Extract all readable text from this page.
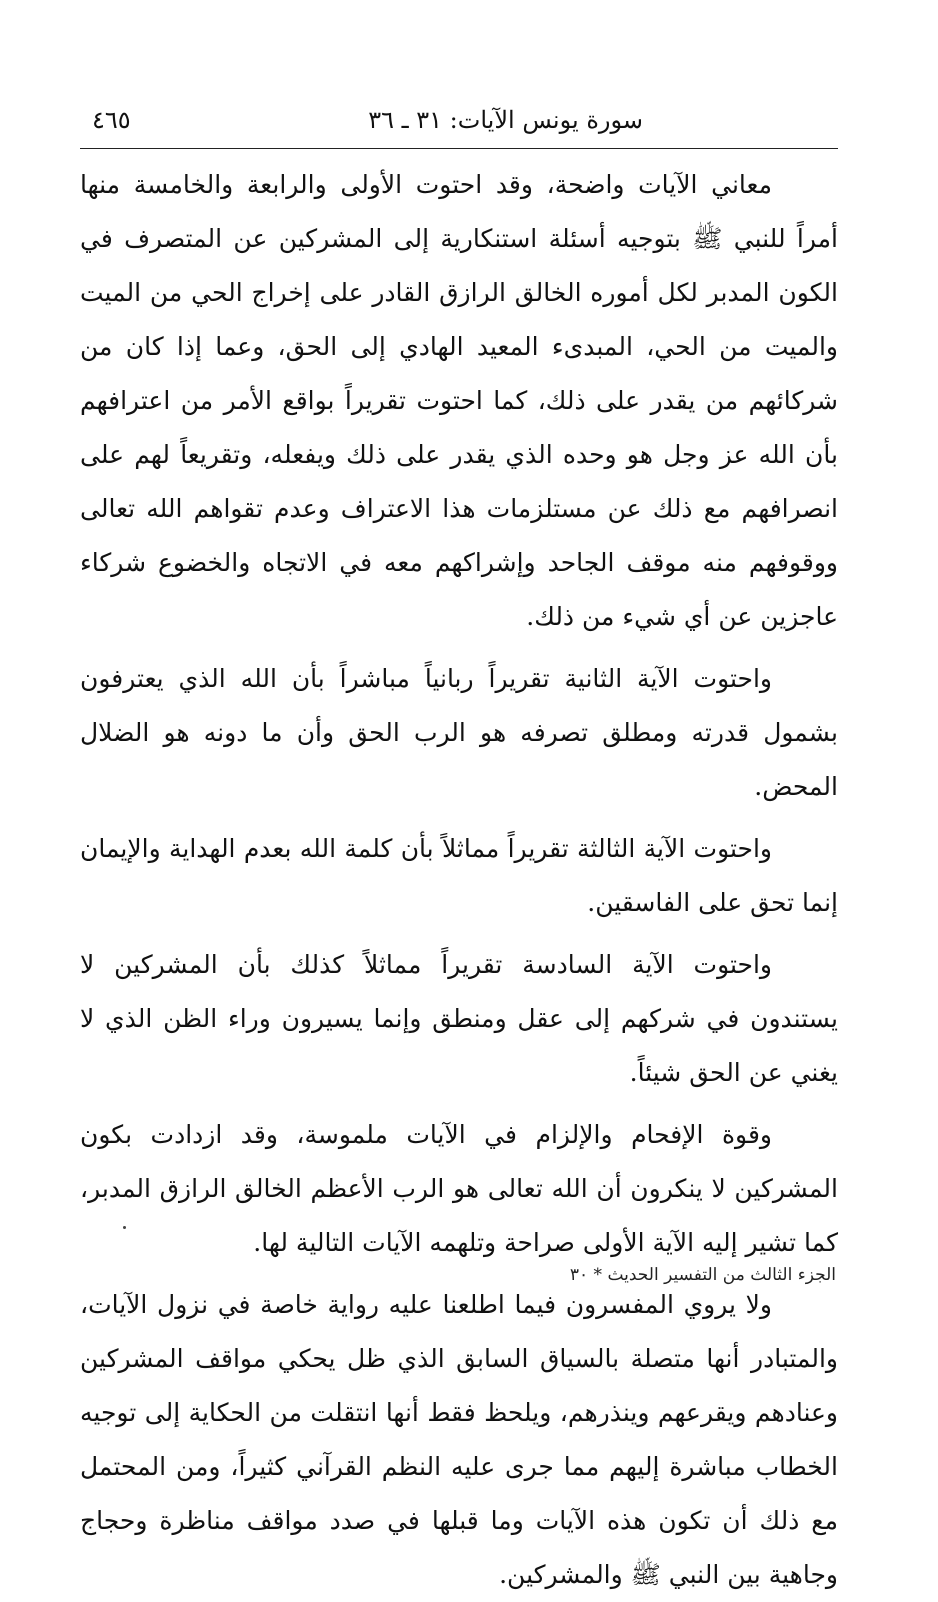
سورة يونس الآيات: ٣١ ـ ٣٦
٤٦٥

معاني الآيات واضحة، وقد احتوت الأولى والرابعة والخامسة منها أمراً للنبي ﷺ بتوجيه أسئلة استنكارية إلى المشركين عن المتصرف في الكون المدبر لكل أموره الخالق الرازق القادر على إخراج الحي من الميت والميت من الحي، المبدىء المعيد الهادي إلى الحق، وعما إذا كان من شركائهم من يقدر على ذلك، كما احتوت تقريراً بواقع الأمر من اعترافهم بأن الله عز وجل هو وحده الذي يقدر على ذلك ويفعله، وتقريعاً لهم على انصرافهم مع ذلك عن مستلزمات هذا الاعتراف وعدم تقواهم الله تعالى ووقوفهم منه موقف الجاحد وإشراكهم معه في الاتجاه والخضوع شركاء عاجزين عن أي شيء من ذلك.

واحتوت الآية الثانية تقريراً ربانياً مباشراً بأن الله الذي يعترفون بشمول قدرته ومطلق تصرفه هو الرب الحق وأن ما دونه هو الضلال المحض.

واحتوت الآية الثالثة تقريراً مماثلاً بأن كلمة الله بعدم الهداية والإيمان إنما تحق على الفاسقين.

واحتوت الآية السادسة تقريراً مماثلاً كذلك بأن المشركين لا يستندون في شركهم إلى عقل ومنطق وإنما يسيرون وراء الظن الذي لا يغني عن الحق شيئاً.

وقوة الإفحام والإلزام في الآيات ملموسة، وقد ازدادت بكون المشركين لا ينكرون أن الله تعالى هو الرب الأعظم الخالق الرازق المدبر، كما تشير إليه الآية الأولى صراحة وتلهمه الآيات التالية لها.

ولا يروي المفسرون فيما اطلعنا عليه رواية خاصة في نزول الآيات، والمتبادر أنها متصلة بالسياق السابق الذي ظل يحكي مواقف المشركين وعنادهم ويقرعهم وينذرهم، ويلحظ فقط أنها انتقلت من الحكاية إلى توجيه الخطاب مباشرة إليهم مما جرى عليه النظم القرآني كثيراً، ومن المحتمل مع ذلك أن تكون هذه الآيات وما قبلها في صدد مواقف مناظرة وحجاج وجاهية بين النبي ﷺ والمشركين.

الجزء الثالث من التفسير الحديث * ٣٠
